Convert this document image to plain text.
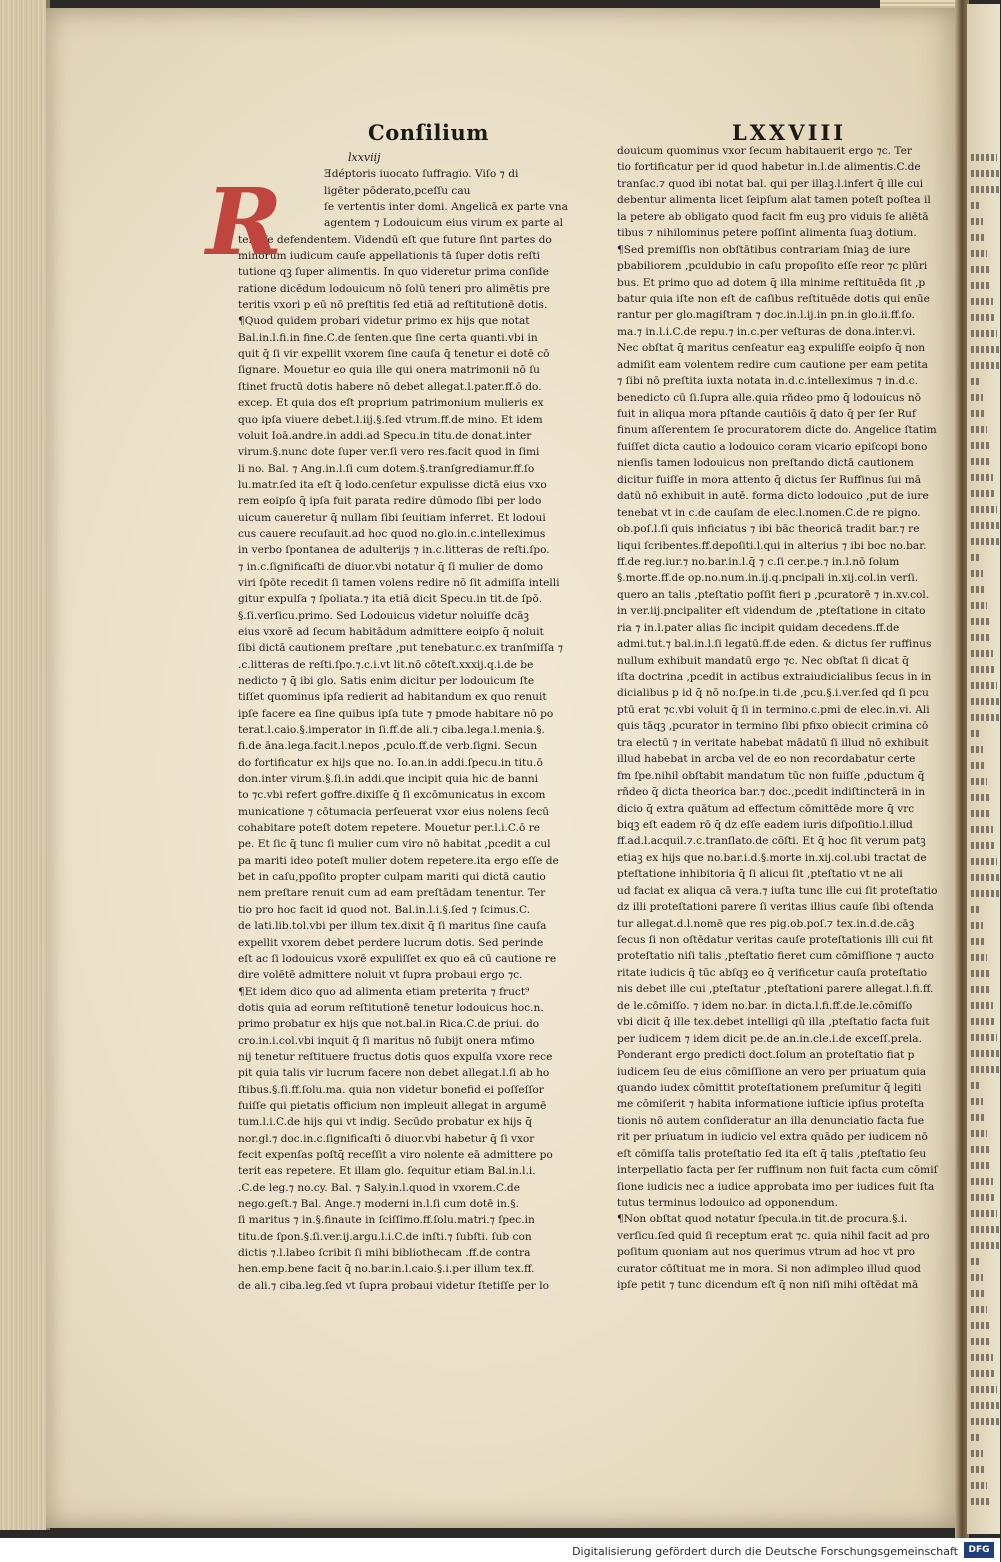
Conſilium	LXXVIII
lxxviij
R	Ǝdéptoris iuocato ſuffragio. Viſo ⁊ di
ligēter pōderato,pceſſu cau
ſe vertentis inter domi. Angelicā ex parte vna
agentem ⁊ Lodouicum eius virum ex parte al
tera ſe defendentem. Videndū eſt que future ſint partes do
minorum iudicum cauſe appellationis tā ſuper dotis reſti
tutione qꝫ ſuper alimentis. In quo videretur prima conſide
ratione dicēdum lodouicum nō ſolū teneri pro alimētis pre
teritis vxori p eū nō preſtitis ſed etiā ad reſtitutionē dotis.
¶Quod quidem probari videtur primo ex hijs que notat
Bal.in.l.fi.in fine.C.de ſenten.que ſine certa quanti.vbi in
quit q̄ ſi vir expellit vxorem ſine cauſa q̄ tenetur ei dotē cō
ſignare. Mouetur eo quia ille qui onera matrimonii nō ſu
ſtinet fructū dotis habere nō debet allegat.l.pater.ff.ō do.
excep. Et quia dos eſt proprium patrimonium mulieris ex
quo ipſa viuere debet.l.iij.§.ſed vtrum.ff.de mino. Et idem
voluit Ioā.andre.in addi.ad Specu.in titu.de donat.inter
virum.§.nunc dote ſuper ver.ſi vero res.facit quod in ſimi
li no. Bal. ⁊ Ang.in.l.ſi cum dotem.§.tranſgrediamur.ff.ſo
lu.matr.ſed ita eſt q̄ lodo.cenſetur expulisse dictā eius vxo
rem eoipſo q̄ ipſa fuit parata redire dūmodo ſibi per lodo
uicum caueretur q̄ nullam ſibi ſeuitiam inferret. Et lodoui
cus cauere recuſauit.ad hoc quod no.glo.in.c.intelleximus
in verbo ſpontanea de adulterijs ⁊ in.c.litteras de reſti.ſpo.
⁊ in.c.ſignificaſti de diuor.vbi notatur q̄ ſi mulier de domo
viri ſpōte recedit ſi tamen volens redire nō ſit admiſſa intelli
gitur expulſa ⁊ ſpoliata.⁊ ita etiā dicit Specu.in tit.de ſpō.
§.ſi.verſicu.primo. Sed Lodouicus videtur noluiſſe dcāꝫ
eius vxorē ad ſecum habitādum admittere eoipſo q̄ noluit
ſibi dictā cautionem preſtare ,put tenebatur.c.ex tranſmiſſa ⁊
.c.litteras de reſti.ſpo.⁊.c.i.vt lit.nō cōteſt.xxxij.q.i.de be
nedicto ⁊ q̄ ibi glo. Satis enim dicitur per lodouicum ſte
tiſſet quominus ipſa redierit ad habitandum ex quo renuit
ipſe facere ea ſine quibus ipſa tute ⁊ pmode habitare nō po
terat.l.caio.§.imperator in ſi.ff.de ali.⁊ ciba.lega.l.menia.§.
fi.de āna.lega.facit.l.nepos ,pculo.ff.de verb.ſigni. Secun
do fortificatur ex hijs que no. Io.an.in addi.ſpecu.in titu.ō
don.inter virum.§.ſi.in addi.que incipit quia hic de banni
to ⁊c.vbi refert goffre.dixiſſe q̄ ſi excōmunicatus in excom
municatione ⁊ cōtumacia perſeuerat vxor eius nolens ſecū
cohabitare poteſt dotem repetere. Mouetur per.l.i.C.ō re
pe. Et ſic q̄ tunc ſi mulier cum viro nō habitat ,pcedit a cul
pa mariti ideo poteſt mulier dotem repetere.ita ergo eſſe de
bet in caſu,ppoſito propter culpam mariti qui dictā cautio
nem preſtare renuit cum ad eam preſtādam tenentur. Ter
tio pro hoc facit id quod not. Bal.in.l.i.§.ſed ⁊ ſcimus.C.
de lati.lib.tol.vbi per illum tex.dixit q̄ ſi maritus ſine cauſa
expellit vxorem debet perdere lucrum dotis. Sed perinde
eſt ac ſi lodouicus vxorē expuliſſet ex quo eā cū cautione re
dire volētē admittere noluit vt ſupra probaui ergo ⁊c.
¶Et idem dico quo ad alimenta etiam preterita ⁊ fruct⁹
dotis quia ad eorum reſtitutionē tenetur lodouicus hoc.n.
primo probatur ex hijs que not.bal.in Rica.C.de priui. do
cro.in.i.col.vbi inquit q̄ ſi maritus nō ſubijt onera mťimo
nij tenetur reſtituere fructus dotis quos expulſa vxore rece
pit quia talis vir lucrum facere non debet allegat.l.ſi ab ho
ſtibus.§.ſi.ff.ſolu.ma. quia non videtur bonefid ei poſſeſſor
fuiſſe qui pietatis officium non impleuit allegat in argumē
tum.l.i.C.de hijs qui vt indig. Secūdo probatur ex hijs q̄
nor.gl.⁊ doc.in.c.ſignificaſti ō diuor.vbi habetur q̄ ſi vxor
fecit expenſas poſtq̄ receſſit a viro nolente eā admittere po
terit eas repetere. Et illam glo. ſequitur etiam Bal.in.l.i.
.C.de leg.⁊ no.cy. Bal. ⁊ Saly.in.l.quod in vxorem.C.de
nego.geſt.⁊ Bal. Ange.⁊ moderni in.l.ſi cum dotē in.§.
ſi maritus ⁊ in.§.finaute in ſciſſimo.ff.ſolu.matri.⁊ ſpec.in
titu.de ſpon.§.ſi.ver.ij.argu.l.i.C.de inſti.⁊ ſubſti. ſub con
dictis ⁊.l.labeo ſcribit ſi mihi bibliothecam .ff.de contra
hen.emp.bene facit q̄ no.bar.in.l.caio.§.i.per illum tex.ff.
de ali.⁊ ciba.leg.ſed vt ſupra probaui videtur ſtetiſſe per lo
douicum quominus vxor ſecum habitauerit ergo ⁊c. Ter
tio fortificatur per id quod habetur in.l.de alimentis.C.de
tranſac.⁊ quod ibi notat bal. qui per illaꝫ.l.infert q̄ ille cui
debentur alimenta licet ſeipſum alat tamen poteſt poſtea il
la petere ab obligato quod facit fm euꝫ pro viduis ſe aliētā
tibus ⁊ nihilominus petere poſſint alimenta ſuaꝫ dotium.
¶Sed premiſſis non obſtātibus contrariam ſniaꝫ de iure
pbabiliorem ,pculdubio in caſu propoſito eſſe reor ⁊c plūri
bus. Et primo quo ad dotem q̄ illa minime reſtituēda ſit ,p
batur quia iſte non eſt de caſibus reſtituēde dotis qui enūe
rantur per glo.magiſtram ⁊ doc.in.l.ij.in pn.in glo.ii.ff.ſo.
ma.⁊ in.l.i.C.de repu.⁊ in.c.per veſturas de dona.inter.vi.
Nec obſtat q̄ maritus cenſeatur eaꝫ expuliſſe eoipſo q̄ non
admiſit eam volentem redire cum cautione per eam petita
⁊ ſibi nō preſtita iuxta notata in.d.c.intelleximus ⁊ in.d.c.
benedicto cū ſi.ſupra alle.quia rñdeo pmo q̄ lodouicus nō
fuit in aliqua mora pſtande cautiōis q̄ dato q̄ per ſer Ruf
finum aſſerentem ſe procuratorem dicte do. Angelice ſtatim
fuiſſet dicta cautio a lodouico coram vicario epiſcopi bono
nienſis tamen lodouicus non preſtando dictā cautionem
dicitur fuiſſe in mora attento q̄ dictus ſer Ruffinus ſui mā
datū nō exhibuit in autē. forma dicto lodouico ,put de iure
tenebat vt in c.de cauſam de elec.l.nomen.C.de re pigno.
ob.poſ.l.ſi quis inficiatus ⁊ ibi bāc theoricā tradit bar.⁊ re
liqui ſcribentes.ff.depoſiti.l.qui in alterius ⁊ ibi boc no.bar.
ff.de reg.iur.⁊ no.bar.in.l.q̄ ⁊ c.ſi cer.pe.⁊ in.l.nō ſolum
§.morte.ff.de op.no.num.in.ij.q.pncipali in.xij.col.in verſi.
quero an talis ,pteſtatio poſſit fieri p ,pcuratorē ⁊ in.xv.col.
in ver.iij.pncipaliter eſt videndum de ,pteſtatione in citato
ria ⁊ in.l.pater alias ſic incipit quidam decedens.ff.de
admi.tut.⁊ bal.in.l.ſi legatū.ff.de eden. & dictus ſer ruffinus
nullum exhibuit mandatū ergo ⁊c. Nec obſtat ſi dicat q̄
iſta doctrina ,pcedit in actibus extraiudicialibus ſecus in in
dicialibus p id q̄ nō no.ſpe.in ti.de ,pcu.§.i.ver.ſed qd ſi pcu
ptū erat ⁊c.vbi voluit q̄ ſi in termino.c.pmi de elec.in.vi. Ali
quis tāqꝫ ,pcurator in termino ſibi pfixo obiecit crimina cō
tra electū ⁊ in veritate habebat mādatū ſi illud nō exhibuit
illud habebat in arcba vel de eo non recordabatur certe
fm ſpe.nihil obſtabit mandatum tūc non fuiſſe ,pductum q̄
rñdeo q̄ dicta theorica bar.⁊ doc.,pcedit indiſtincterā in in
dicio q̄ extra quātum ad effectum cōmittēde more q̄ vrc
biqꝫ eſt eadem rō q̄ dz eſſe eadem iuris diſpoſitio.l.illud
ff.ad.l.acquil.⁊.c.tranſlato.de cōſti. Et q̄ hoc ſit verum patꝫ
etiaꝫ ex hijs que no.bar.i.d.§.morte in.xij.col.ubi tractat de
pteſtatione inhibitoria q̄ ſi alicui ſit ,pteſtatio vt ne ali
ud faciat ex aliqua cā vera.⁊ iuſta tunc ille cui ſit proteſtatio
dz illi proteſtationi parere ſi veritas illius cauſe ſibi oſtenda
tur allegat.d.l.nomē que res pig.ob.poſ.⁊ tex.in.d.de.cāꝫ
ſecus ſi non oſtēdatur veritas cauſe proteſtationis illi cui fit
proteſtatio niſi talis ,pteſtatio fieret cum cōmiſſione ⁊ aucto
ritate iudicis q̄ tūc abſqꝫ eo q̄ verificetur cauſa proteſtatio
nis debet ille cui ,pteſtatur ,pteſtationi parere allegat.l.fi.ff.
de le.cōmiſſo. ⁊ idem no.bar. in dicta.l.fi.ff.de.le.cōmiſſo
vbi dicit q̄ ille tex.debet intelligi qū illa ,pteſtatio facta fuit
per iudicem ⁊ idem dicit pe.de an.in.cle.i.de exceſſ.prela.
Ponderant ergo predicti doct.ſolum an proteſtatio fiat p
iudicem ſeu de eius cōmiſſione an vero per priuatum quia
quando iudex cōmittit proteſtationem preſumitur q̄ legiti
me cōmiſerit ⁊ habita informatione iuſticie ipſius proteſta
tionis nō autem conſideratur an illa denunciatio facta fue
rit per priuatum in iudicio vel extra quādo per iudicem nō
eſt cōmiſſa talis proteſtatio ſed ita eſt q̄ talis ,pteſtatio ſeu
interpellatio facta per ſer ruffinum non fuit facta cum cōmiſ
ſione iudicis nec a iudice approbata imo per iudices fuit ſta
tutus terminus lodouico ad opponendum.
¶Non obſtat quod notatur ſpecula.in tit.de procura.§.i.
verſicu.ſed quid ſi receptum erat ⁊c. quia nihil facit ad pro
poſitum quoniam aut nos querimus vtrum ad hoc vt pro
curator cōſtituat me in mora. Si non adimpleo illud quod
ipſe petit ⁊ tunc dicendum eſt q̄ non niſi mihi oſtēdat mā
Digitalisierung gefördert durch die Deutsche Forschungsgemeinschaft	DFG
